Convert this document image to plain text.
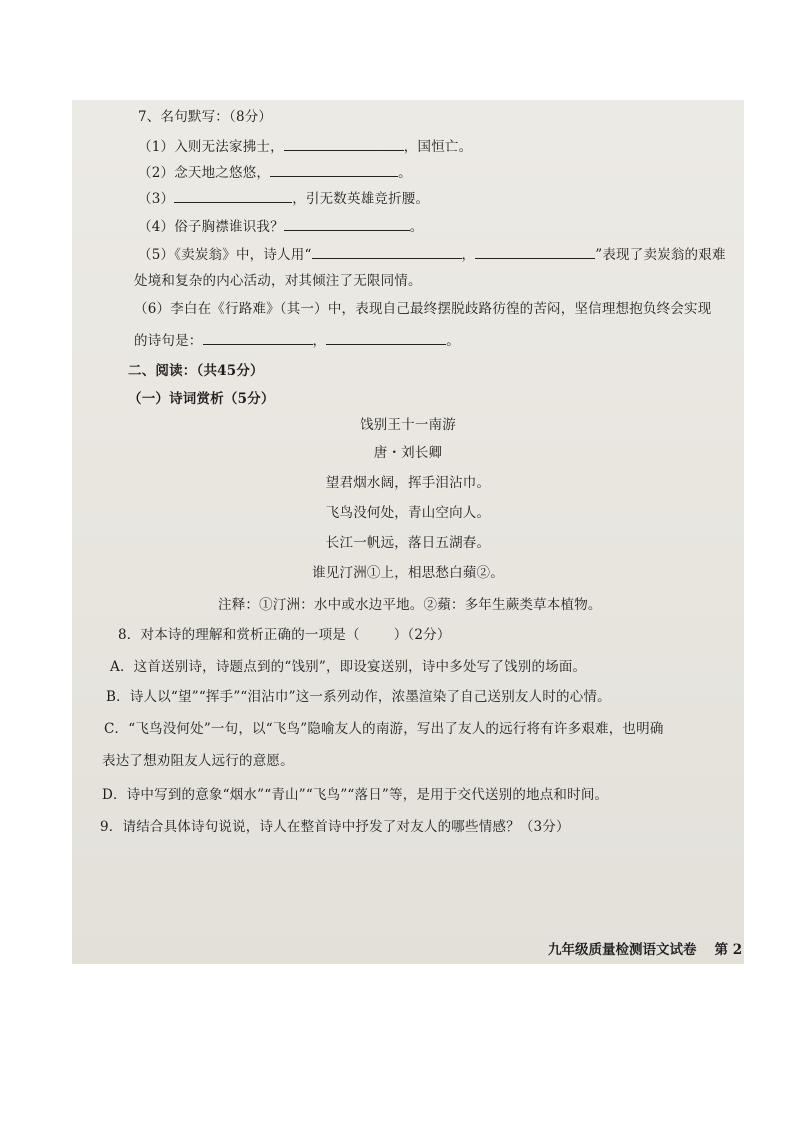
7、名句默写：（8分）
（1）入则无法家拂士，	，国恒亡。
（2）念天地之悠悠，	。
（3）	，引无数英雄竞折腰。
（4）俗子胸襟谁识我？	。
（5）《卖炭翁》中，诗人用“	，	”表现了卖炭翁的艰难
处境和复杂的内心活动，对其倾注了无限同情。
（6）李白在《行路难》（其一）中，表现自己最终摆脱歧路彷徨的苦闷，坚信理想抱负终会实现
的诗句是：	，	。
二、阅读：（共45分）
（一）诗词赏析（5分）
饯别王十一南游
唐・刘长卿
望君烟水阔，挥手泪沾巾。
飞鸟没何处，青山空向人。
长江一帆远，落日五湖春。
谁见汀洲①上，相思愁白蘋②。
注释：①汀洲：水中或水边平地。②蘋：多年生蕨类草本植物。
8．对本诗的理解和赏析正确的一项是（	）（2分）
A．这首送别诗，诗题点到的“饯别”，即设宴送别，诗中多处写了饯别的场面。
B．诗人以“望”“挥手”“泪沾巾”这一系列动作，浓墨渲染了自己送别友人时的心情。
C．“飞鸟没何处”一句，以“飞鸟”隐喻友人的南游，写出了友人的远行将有许多艰难，也明确
表达了想劝阻友人远行的意愿。
D．诗中写到的意象“烟水”“青山”“飞鸟”“落日”等，是用于交代送别的地点和时间。
9．请结合具体诗句说说，诗人在整首诗中抒发了对友人的哪些情感？（3分）
九年级质量检测语文试卷 第 2
